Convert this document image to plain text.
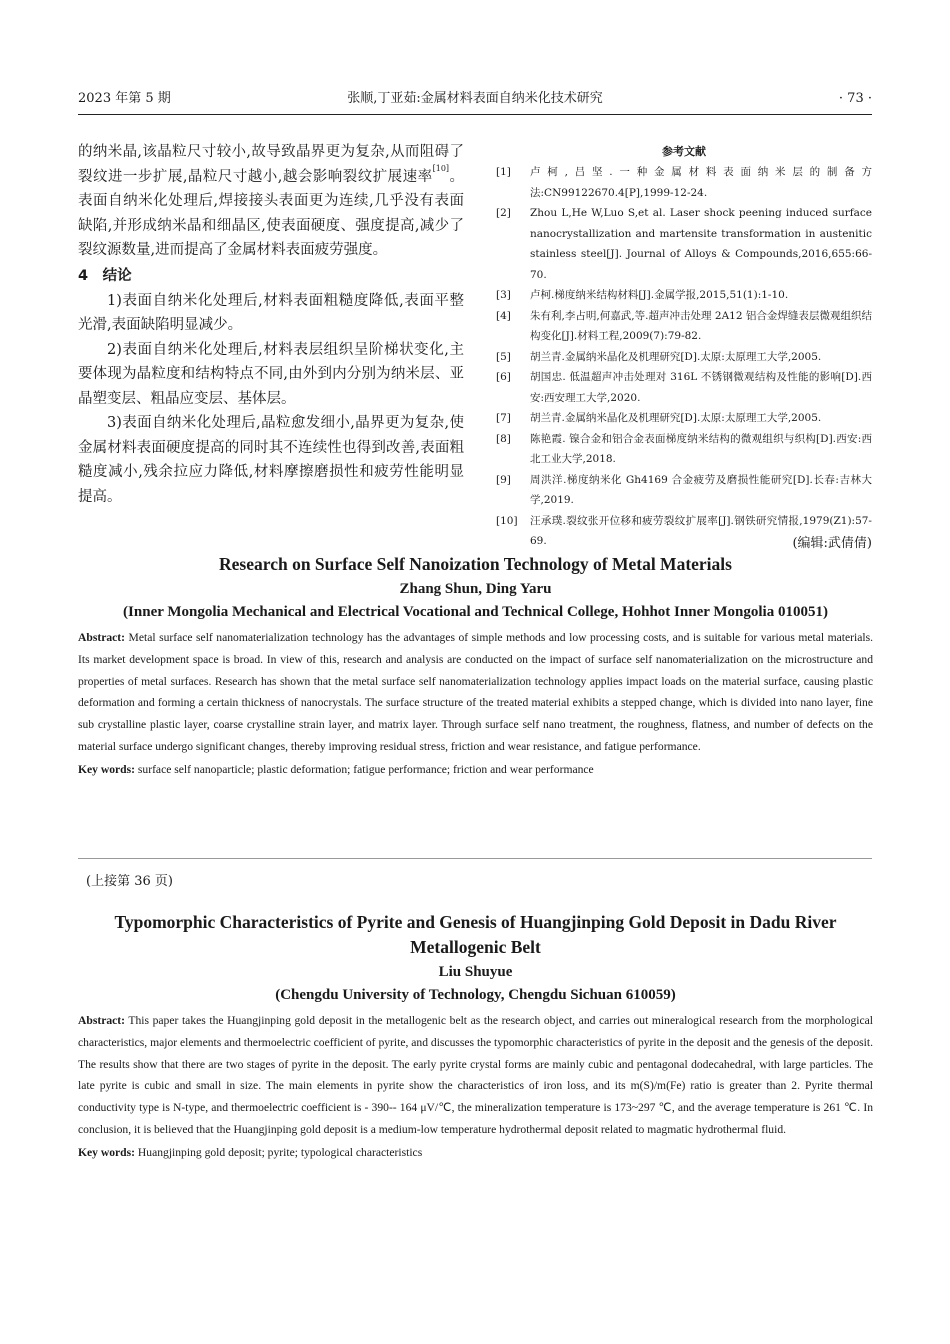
2023 年第 5 期	张顺,丁亚茹:金属材料表面自纳米化技术研究	· 73 ·

的纳米晶,该晶粒尺寸较小,故导致晶界更为复杂,从而阻碍了裂纹进一步扩展,晶粒尺寸越小,越会影响裂纹扩展速率[10]。表面自纳米化处理后,焊接接头表面更为连续,几乎没有表面缺陷,并形成纳米晶和细晶区,使表面硬度、强度提高,减少了裂纹源数量,进而提高了金属材料表面疲劳强度。

4　结论

1)表面自纳米化处理后,材料表面粗糙度降低,表面平整光滑,表面缺陷明显减少。

2)表面自纳米化处理后,材料表层组织呈阶梯状变化,主要体现为晶粒度和结构特点不同,由外到内分别为纳米层、亚晶塑变层、粗晶应变层、基体层。

3)表面自纳米化处理后,晶粒愈发细小,晶界更为复杂,使金属材料表面硬度提高的同时其不连续性也得到改善,表面粗糙度减小,残余拉应力降低,材料摩擦磨损性和疲劳性能明显提高。

参考文献
[1]	卢柯,吕坚.一种金属材料表面纳米层的制备方法:CN99122670.4[P],1999-12-24.
[2]	Zhou L,He W,Luo S,et al. Laser shock peening induced surface nanocrystallization and martensite transformation in austenitic stainless steel[J]. Journal of Alloys & Compounds,2016,655:66-70.
[3]	卢柯.梯度纳米结构材料[J].金属学报,2015,51(1):1-10.
[4]	朱有利,李占明,何嘉武,等.超声冲击处理 2A12 铝合金焊缝表层微观组织结构变化[J].材料工程,2009(7):79-82.
[5]	胡兰青.金属纳米晶化及机理研究[D].太原:太原理工大学,2005.
[6]	胡国忠. 低温超声冲击处理对 316L 不锈钢微观结构及性能的影响[D].西安:西安理工大学,2020.
[7]	胡兰青.金属纳米晶化及机理研究[D].太原:太原理工大学,2005.
[8]	陈艳霞. 镍合金和铝合金表面梯度纳米结构的微观组织与织构[D].西安:西北工业大学,2018.
[9]	周洪洋.梯度纳米化 Gh4169 合金疲劳及磨损性能研究[D].长春:吉林大学,2019.
[10]	汪承璞.裂纹张开位移和疲劳裂纹扩展率[J].钢铁研究情报,1979(Z1):57-69.	(编辑:武倩倩)
Research on Surface Self Nanoization Technology of Metal Materials
Zhang Shun, Ding Yaru
(Inner Mongolia Mechanical and Electrical Vocational and Technical College, Hohhot Inner Mongolia 010051)
Abstract: Metal surface self nanomaterialization technology has the advantages of simple methods and low processing costs, and is suitable for various metal materials. Its market development space is broad. In view of this, research and analysis are conducted on the impact of surface self nanomaterialization on the microstructure and properties of metal surfaces. Research has shown that the metal surface self nanomaterialization technology applies impact loads on the material surface, causing plastic deformation and forming a certain thickness of nanocrystals. The surface structure of the treated material exhibits a stepped change, which is divided into nano layer, fine sub crystalline plastic layer, coarse crystalline strain layer, and matrix layer. Through surface self nano treatment, the roughness, flatness, and number of defects on the material surface undergo significant changes, thereby improving residual stress, friction and wear resistance, and fatigue performance.
Key words: surface self nanoparticle; plastic deformation; fatigue performance; friction and wear performance
(上接第 36 页)
Typomorphic Characteristics of Pyrite and Genesis of Huangjinping Gold Deposit in Dadu River Metallogenic Belt
Liu Shuyue
(Chengdu University of Technology, Chengdu Sichuan 610059)
Abstract: This paper takes the Huangjinping gold deposit in the metallogenic belt as the research object, and carries out mineralogical research from the morphological characteristics, major elements and thermoelectric coefficient of pyrite, and discusses the typomorphic characteristics of pyrite in the deposit and the genesis of the deposit. The results show that there are two stages of pyrite in the deposit. The early pyrite crystal forms are mainly cubic and pentagonal dodecahedral, with large particles. The late pyrite is cubic and small in size. The main elements in pyrite show the characteristics of iron loss, and its m(S)/m(Fe) ratio is greater than 2. Pyrite thermal conductivity type is N-type, and thermoelectric coefficient is - 390-- 164 μV/℃, the mineralization temperature is 173~297 ℃, and the average temperature is 261 ℃. In conclusion, it is believed that the Huangjinping gold deposit is a medium-low temperature hydrothermal deposit related to magmatic hydrothermal fluid.
Key words: Huangjinping gold deposit; pyrite; typological characteristics
